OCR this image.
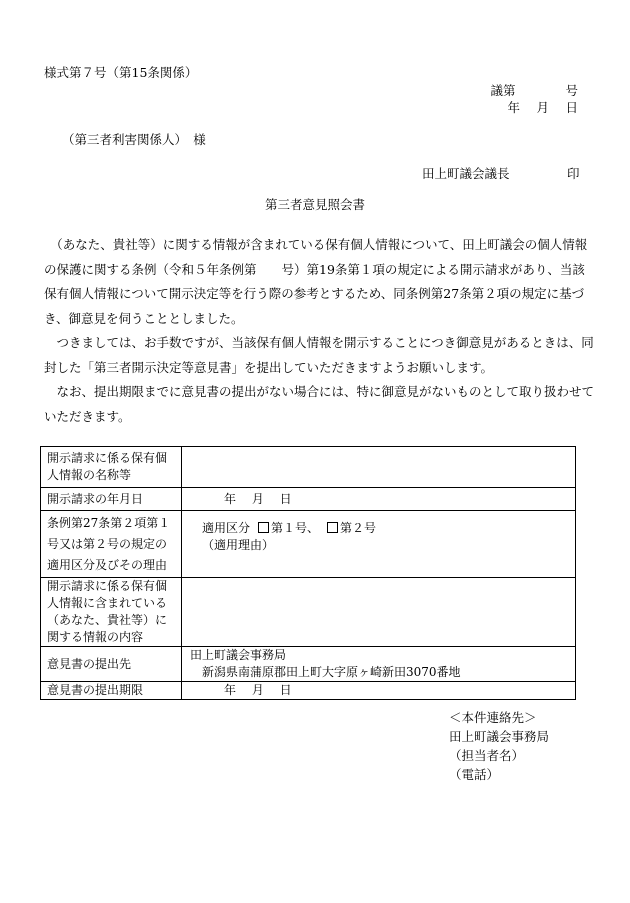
様式第７号（第15条関係）
議第　　　　号
年　 月　 日
（第三者利害関係人）　様
田上町議会議長	印
第三者意見照会書
　（あなた、貴社等）に関する情報が含まれている保有個人情報について、田上町議会の個人情報
の保護に関する条例（令和５年条例第　　号）第19条第１項の規定による開示請求があり、当該
保有個人情報について開示決定等を行う際の参考とするため、同条例第27条第２項の規定に基づ
き、御意見を伺うこととしました。
　つきましては、お手数ですが、当該保有個人情報を開示することにつき御意見があるときは、同
封した「第三者開示決定等意見書」を提出していただきますようお願いします。
　なお、提出期限までに意見書の提出がない場合には、特に御意見がないものとして取り扱わせて
いただきます。
開示請求に係る保有個人情報の名称等	
開示請求の年月日	年　 月　 日
条例第27条第２項第１号又は第２号の規定の適用区分及びその理由	適用区分 第１号、 第２号
（適用理由）

開示請求に係る保有個人情報に含まれている（あなた、貴社等）に関する情報の内容	
意見書の提出先	田上町議会事務局
新潟県南蒲原郡田上町大字原ヶ崎新田3070番地

意見書の提出期限	年　 月　 日
＜本件連絡先＞
田上町議会事務局
（担当者名）
（電話）
